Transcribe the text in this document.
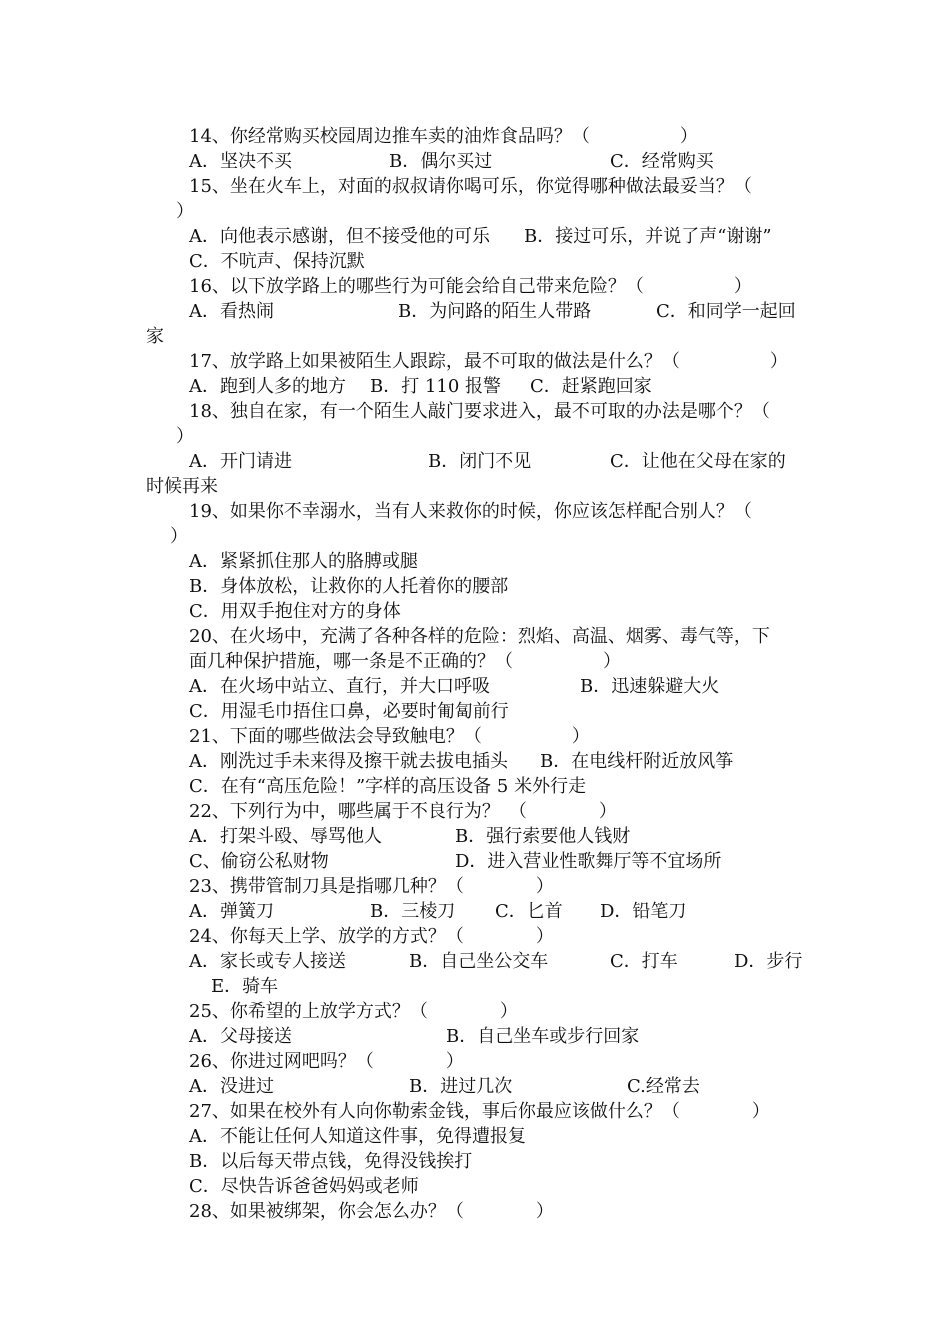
14、你经常购买校园周边推车卖的油炸食品吗？（　　　　　）
A．坚决不买	B．偶尔买过	C．经常购买
15、坐在火车上，对面的叔叔请你喝可乐，你觉得哪种做法最妥当？（
）
A．向他表示感谢，但不接受他的可乐 B．接过可乐，并说了声“谢谢”
C．不吭声、保持沉默
16、以下放学路上的哪些行为可能会给自己带来危险？（　　　　　）
A．看热闹	B．为问路的陌生人带路	C．和同学一起回
家
17、放学路上如果被陌生人跟踪，最不可取的做法是什么？（　　　　　）
A．跑到人多的地方 B．打 110 报警 C．赶紧跑回家
18、独自在家，有一个陌生人敲门要求进入，最不可取的办法是哪个？（
）
A．开门请进	B．闭门不见	C．让他在父母在家的
时候再来
19、如果你不幸溺水，当有人来救你的时候，你应该怎样配合别人？（
）
A．紧紧抓住那人的胳膊或腿
B．身体放松，让救你的人托着你的腰部
C．用双手抱住对方的身体
20、在火场中，充满了各种各样的危险：烈焰、高温、烟雾、毒气等，下
面几种保护措施，哪一条是不正确的？（　　　　　）
A．在火场中站立、直行，并大口呼吸	B．迅速躲避大火
C．用湿毛巾捂住口鼻，必要时匍匐前行
21、下面的哪些做法会导致触电？（　　　　　）
A．刚洗过手未来得及擦干就去拔电插头 B．在电线杆附近放风筝
C．在有“高压危险！”字样的高压设备 5 米外行走
22、下列行为中，哪些属于不良行为？　（　　　　）
A．打架斗殴、辱骂他人	B．强行索要他人钱财
C、偷窃公私财物	D．进入营业性歌舞厅等不宜场所
23、携带管制刀具是指哪几种？（　　　　）
A．弹簧刀	B．三棱刀 C．匕首 D．铅笔刀
24、你每天上学、放学的方式？（　　　　）
A．家长或专人接送	B．自己坐公交车	C．打车	D．步行
E．骑车
25、你希望的上放学方式？（　　　　）
A．父母接送	B．自己坐车或步行回家
26、你进过网吧吗？（　　　　）
A．没进过	B．进过几次	C.经常去
27、如果在校外有人向你勒索金钱，事后你最应该做什么？（　　　　）
A．不能让任何人知道这件事，免得遭报复
B．以后每天带点钱，免得没钱挨打
C．尽快告诉爸爸妈妈或老师
28、如果被绑架，你会怎么办？（　　　　）
